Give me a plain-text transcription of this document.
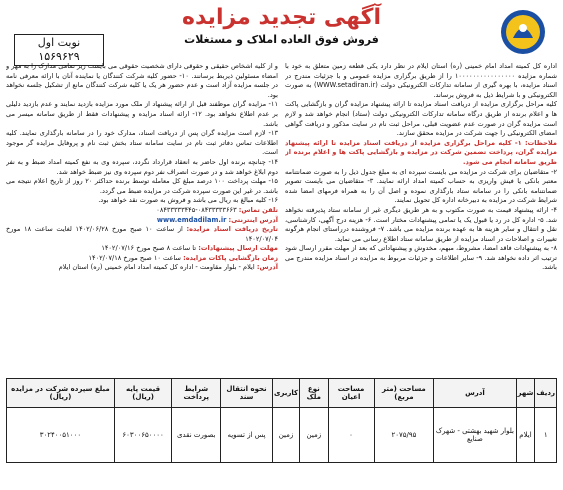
آگهی تجدید مزایده
فروش فوق العاده املاک و مستغلات
نوبت اول
۱۵۶۹۶۲۹

اداره کل کمیته امداد امام خمینی (ره) استان ایلام در نظر دارد یکی قطعه زمین متعلق به خود با شماره مزایده ۱۰۰۰۰۰۰۰۰۰۰۰۰۰۰۰۰ را از طریق برگزاری مزایده عمومی و با جزئیات مندرج در اسناد مزایده، با بهره گیری از سامانه تدارکات الکترونیکی دولت (WWW.setadiran.ir) به صورت الکترونیکی و با شرایط ذیل به فروش برساند.

کلیه مراحل برگزاری مزایده از دریافت اسناد مزایده تا ارائه پیشنهاد مزایده گران و بازگشایی پاکت ها و اعلام برنده از طریق درگاه سامانه تدارکات الکترونیکی دولت (ستاد) انجام خواهد شد و لازم است مزایده گران در صورت عدم عضویت قبلی، مراحل ثبت نام در سایت مذکور و دریافت گواهی امضای الکترونیکی را جهت شرکت در مزایده محقق سازند.

ملاحظات: ۱- کلیه مراحل برگزاری مزایده از دریافت اسناد مزایده تا ارائه پیشنهاد مزایده گران، پرداخت تضمین شرکت در مزایده و بازگشایی پاکت ها و اعلام برنده از طریق سامانه انجام می شود.

۲- متقاضیان برای شرکت در مزایده می بایست سپرده ای به مبلغ جدول ذیل را به صورت ضمانتنامه معتبر بانکی یا فیش واریزی به حساب کمیته امداد ارائه نمایند. ۳- متقاضیان می بایست تصویر ضمانتنامه بانکی را در سامانه ستاد بارگذاری نموده و اصل آن را به همراه فرمهای امضا شده شرایط شرکت در مزایده به دبیرخانه اداره کل تحویل نمایند.

۴- ارائه پیشنهاد قیمت به صورت مکتوب و به هر طریق دیگری غیر از سامانه ستاد پذیرفته نخواهد شد. ۵- اداره کل در رد یا قبول یک یا تمامی پیشنهادات مختار است. ۶- هزینه درج آگهی، کارشناسی، نقل و انتقال و سایر هزینه ها به عهده برنده مزایده می باشد. ۷- فروشنده درراستای انجام هرگونه تغییرات و اصلاحات در اسناد مزایده از طریق سامانه ستاد اطلاع رسانی می نماید.

۸- به پیشنهادات فاقد امضا، مشروط، مبهم، مخدوش و پیشنهاداتی که بعد از مهلت مقرر ارسال شود ترتیب اثر داده نخواهد شد. ۹- سایر اطلاعات و جزئیات مربوط به مزایده در اسناد مزایده مندرج می باشد.

و از کلیه اشخاص حقیقی و حقوقی دارای شخصیت حقوقی می بایست زیر تمامی مدارک را به مهر و امضاء مسئولین ذیربط برسانند. ۱۰- حضور کلیه شرکت کنندگان یا نماینده آنان با ارائه معرفی نامه در جلسه مزایده آزاد است و عدم حضور هر یک یا کلیه شرکت کنندگان مانع از تشکیل جلسه نخواهد بود.

۱۱- مزایده گران موظفند قبل از ارائه پیشنهاد از ملک مورد مزایده بازدید نمایند و عدم بازدید دلیلی بر عدم اطلاع نخواهد بود. ۱۲- ارائه اسناد مزایده و پیشنهادات فقط از طریق سامانه میسر می باشد.

۱۳- لازم است مزایده گران پس از دریافت اسناد، مدارک خود را در سامانه بارگذاری نمایند. کلیه اطلاعات تماس دفاتر ثبت نام در سایت سامانه ستاد بخش ثبت نام و پروفایل مزایده گر موجود است.

۱۴- چنانچه برنده اول حاضر به انعقاد قرارداد نگردد، سپرده وی به نفع کمیته امداد ضبط و به نفر دوم ابلاغ خواهد شد و در صورت انصراف نفر دوم سپرده وی نیز ضبط خواهد شد.

۱۵- مهلت پرداخت ۱۰۰ درصد مبلغ کل معامله توسط برنده حداکثر ۲۰ روز از تاریخ اعلام نتیجه می باشد. در غیر این صورت سپرده شرکت در مزایده ضبط می گردد.

۱۶- کلیه مبالغ به ریال می باشد و فروش به صورت نقد خواهد بود.

تلفن تماس: ۰۸۴۳۳۳۳۳۶۶۳-۰۸۴۳۳۳۳۳۴۴۵

آدرس اینترنتی: www.emdadilam.ir

تاریخ دریافت اسناد مزایده: از ساعت ۱۰ صبح مورخ ۱۴۰۲/۰۶/۲۸ لغایت ساعت ۱۸ مورخ ۱۴۰۲/۰۷/۰۴

مهلت ارسال پیشنهادات: تا ساعت ۸ صبح مورخ ۱۴۰۲/۰۷/۱۶

زمان بازگشایی پاکات مزایده: ساعت ۱۰ صبح مورخ ۱۴۰۲/۰۷/۱۸

آدرس: ایلام - بلوار مقاومت - اداره کل کمیته امداد امام خمینی (ره) استان ایلام

ردیف	شهر	آدرس	مساحت (متر مربع)	مساحت اعیان	نوع ملک	کاربری	نحوه انتقال سند	شرایط پرداخت	قیمت پایه (ریال)	مبلغ سپرده شرکت در مزایده (ریال)
۱	ایلام	بلوار شهید بهشتی - شهرک صنایع	۲۰۷۵/۹۵	۰	زمین	زمین	پس از تسویه	بصورت نقدی	۶۰۳۰۰۶۵۰۰۰۰	۳۰۲۴۰۰۵۱۰۰۰
